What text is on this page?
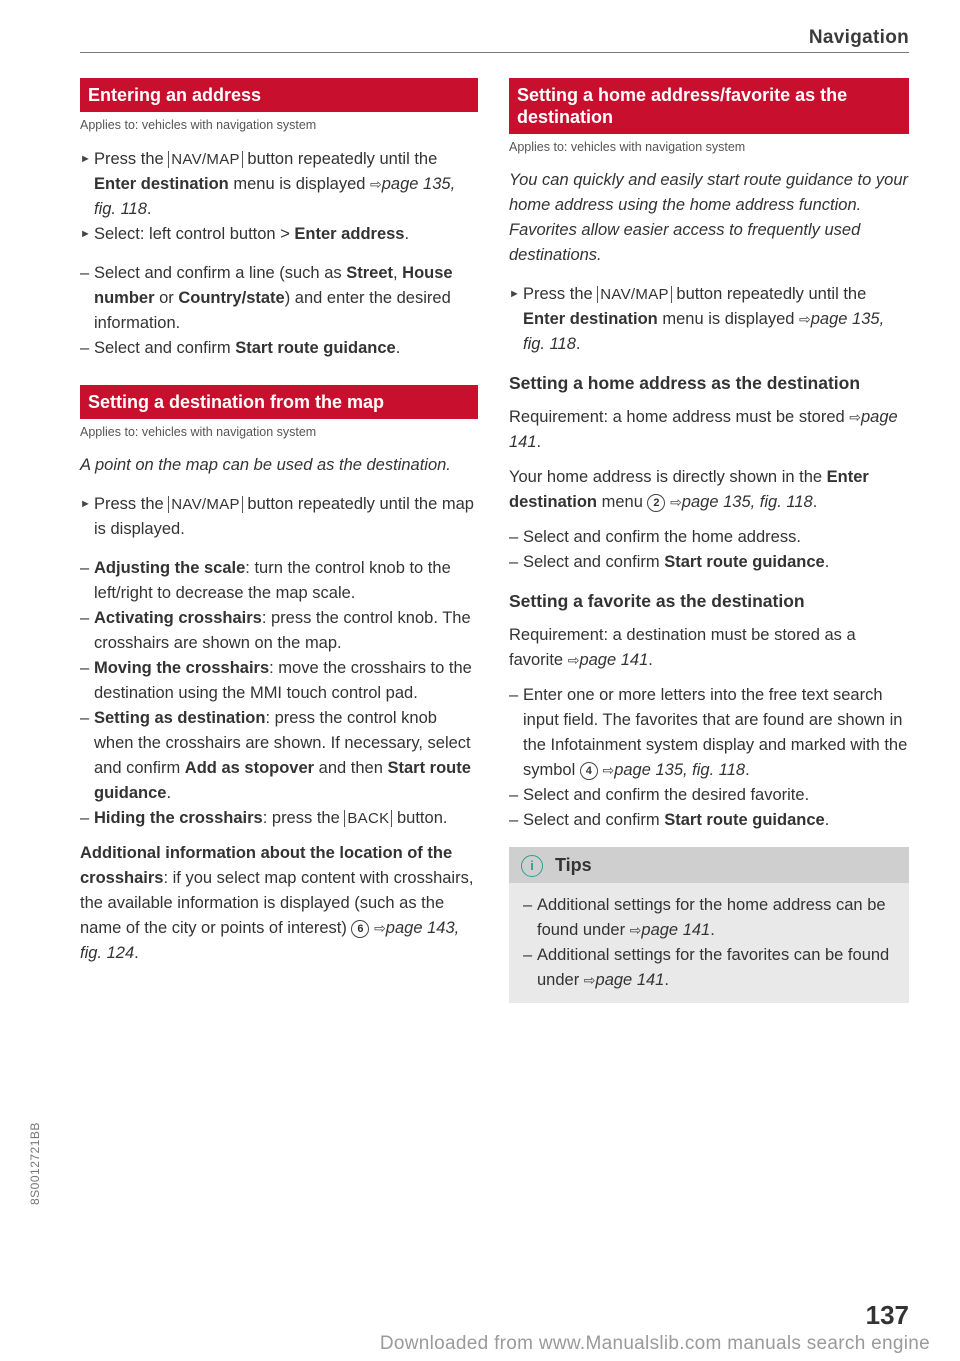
Navigation
Entering an address

Applies to: vehicles with navigation system

► Press the NAV/MAP button repeatedly until the Enter destination menu is displayed ⇨page 135, fig. 118.

► Select: left control button > Enter address.

– Select and confirm a line (such as Street, House number or Country/state) and enter the desired information.

– Select and confirm Start route guidance.

Setting a destination from the map

Applies to: vehicles with navigation system

A point on the map can be used as the destination.

► Press the NAV/MAP button repeatedly until the map is displayed.

– Adjusting the scale: turn the control knob to the left/right to decrease the map scale.

– Activating crosshairs: press the control knob. The crosshairs are shown on the map.

– Moving the crosshairs: move the crosshairs to the destination using the MMI touch control pad.

– Setting as destination: press the control knob when the crosshairs are shown. If necessary, select and confirm Add as stopover and then Start route guidance.

– Hiding the crosshairs: press the BACK button.

Additional information about the location of the crosshairs: if you select map content with crosshairs, the available information is displayed (such as the name of the city or points of interest) 6 ⇨page 143, fig. 124.

Setting a home address/favorite as the destination

Applies to: vehicles with navigation system

You can quickly and easily start route guidance to your home address using the home address function. Favorites allow easier access to frequently used destinations.

► Press the NAV/MAP button repeatedly until the Enter destination menu is displayed ⇨page 135, fig. 118.

Setting a home address as the destination

Requirement: a home address must be stored ⇨page 141.

Your home address is directly shown in the Enter destination menu 2 ⇨page 135, fig. 118.

– Select and confirm the home address.

– Select and confirm Start route guidance.

Setting a favorite as the destination

Requirement: a destination must be stored as a favorite ⇨page 141.

– Enter one or more letters into the free text search input field. The favorites that are found are shown in the Infotainment system display and marked with the symbol 4 ⇨page 135, fig. 118.

– Select and confirm the desired favorite.

– Select and confirm Start route guidance.

i Tips

– Additional settings for the home address can be found under ⇨page 141.

– Additional settings for the favorites can be found under ⇨page 141.

8S0012721BB
137
Downloaded from www.Manualslib.com manuals search engine
